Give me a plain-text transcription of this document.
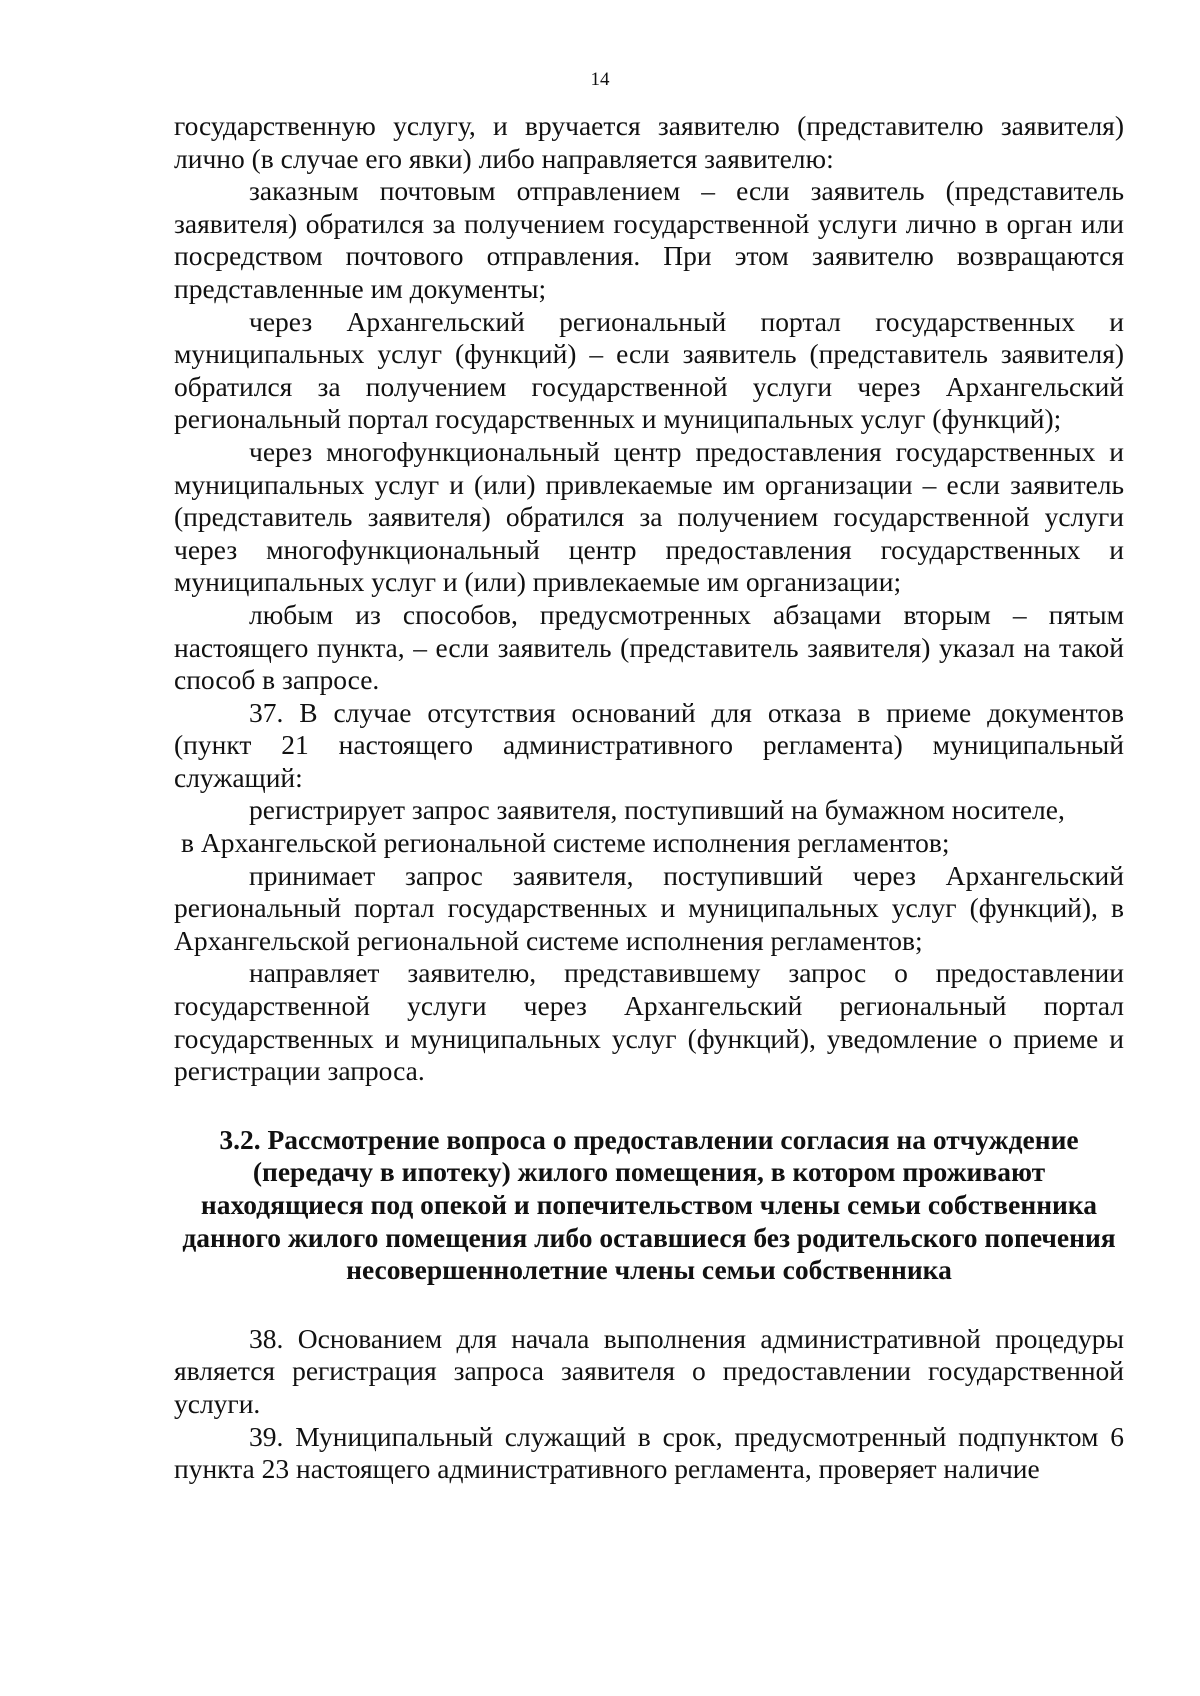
14

государственную услугу, и вручается заявителю (представителю заявителя) лично (в случае его явки) либо направляется заявителю:

заказным почтовым отправлением – если заявитель (представитель заявителя) обратился за получением государственной услуги лично в орган или посредством почтового отправления. При этом заявителю возвращаются представленные им документы;

через Архангельский региональный портал государственных и муниципальных услуг (функций) – если заявитель (представитель заявителя) обратился за получением государственной услуги через Архангельский региональный портал государственных и муниципальных услуг (функций);

через многофункциональный центр предоставления государственных и муниципальных услуг и (или) привлекаемые им организации – если заявитель (представитель заявителя) обратился за получением государственной услуги через многофункциональный центр предоставления государственных и муниципальных услуг и (или) привлекаемые им организации;

любым из способов, предусмотренных абзацами вторым – пятым настоящего пункта, – если заявитель (представитель заявителя) указал на такой способ в запросе.

37. В случае отсутствия оснований для отказа в приеме документов (пункт 21 настоящего административного регламента) муниципальный служащий:

регистрирует запрос заявителя, поступивший на бумажном носителе,

в Архангельской региональной системе исполнения регламентов;

принимает запрос заявителя, поступивший через Архангельский региональный портал государственных и муниципальных услуг (функций), в Архангельской региональной системе исполнения регламентов;

направляет заявителю, представившему запрос о предоставлении государственной услуги через Архангельский региональный портал государственных и муниципальных услуг (функций), уведомление о приеме и регистрации запроса.

3.2. Рассмотрение вопроса о предоставлении согласия на отчуждение (передачу в ипотеку) жилого помещения, в котором проживают находящиеся под опекой и попечительством члены семьи собственника данного жилого помещения либо оставшиеся без родительского попечения несовершеннолетние члены семьи собственника

38. Основанием для начала выполнения административной процедуры является регистрация запроса заявителя о предоставлении государственной услуги.

39. Муниципальный служащий в срок, предусмотренный подпунктом 6 пункта 23 настоящего административного регламента, проверяет наличие
